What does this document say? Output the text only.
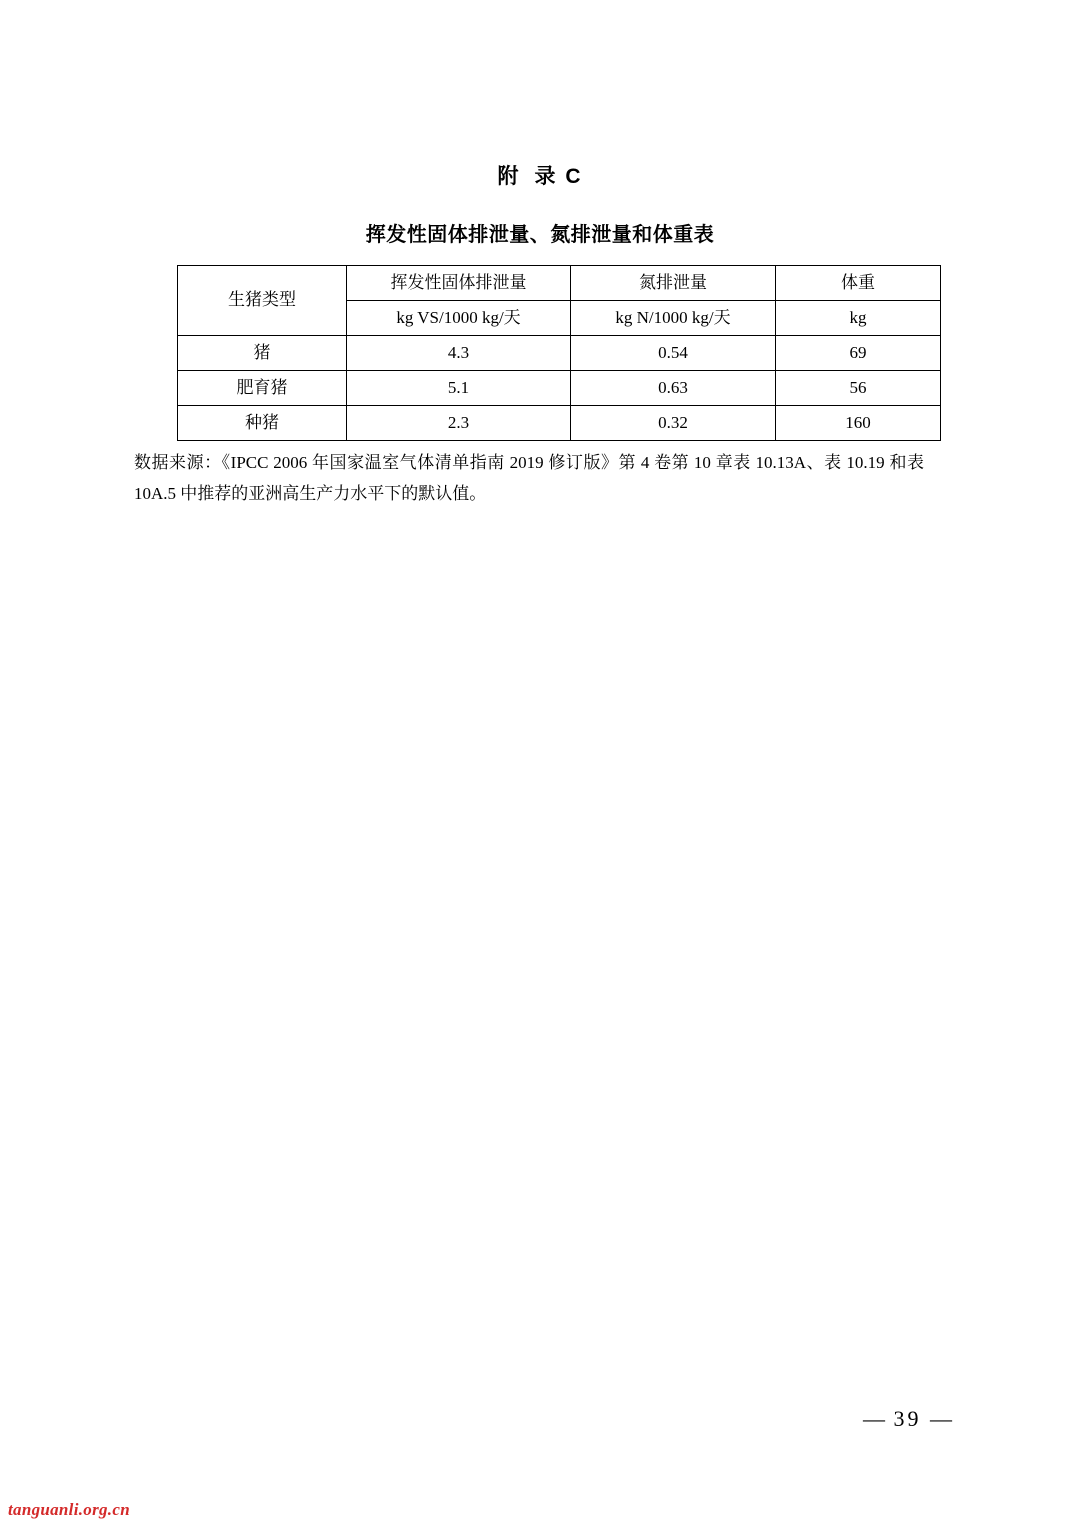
附 录 C
挥发性固体排泄量、氮排泄量和体重表
生猪类型	挥发性固体排泄量	氮排泄量	体重
	kg VS/1000 kg/天	kg N/1000 kg/天	kg
猪	4.3	0.54	69
肥育猪	5.1	0.63	56
种猪	2.3	0.32	160
数据来源：《IPCC 2006 年国家温室气体清单指南 2019 修订版》第 4 卷第 10 章表 10.13A、表 10.19 和表 10A.5 中推荐的亚洲高生产力水平下的默认值。
— 39 —
tanguanli.org.cn
